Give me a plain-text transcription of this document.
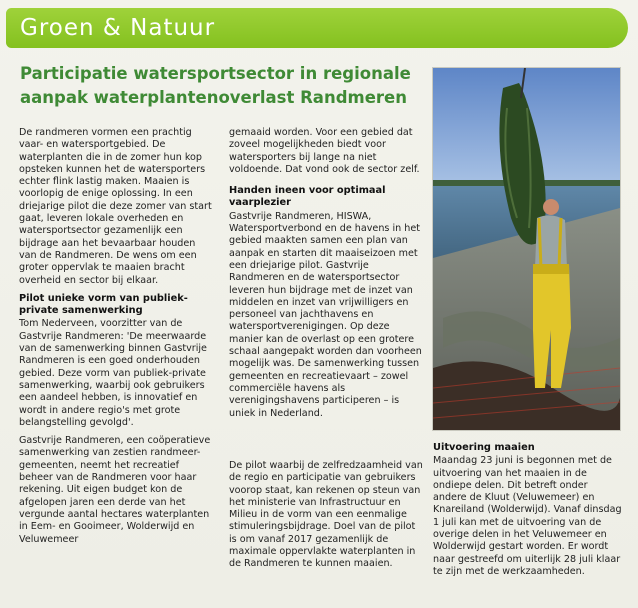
Groen & Natuur
Participatie watersportsector in regionale
aanpak waterplantenoverlast Randmeren

De randmeren vormen een prachtig vaar- en watersportgebied. De waterplanten die in de zomer hun kop opsteken kunnen het de watersporters echter flink lastig maken. Maaien is voorlopig de enige oplossing. In een driejarige pilot die deze zomer van start gaat, leveren lokale overheden en watersportsector gezamenlijk een bijdrage aan het bevaarbaar houden van de Randmeren. De wens om een groter oppervlak te maaien bracht overheid en sector bij elkaar.

Pilot unieke vorm van publiek-private samenwerking

Tom Nederveen, voorzitter van de Gastvrije Randmeren: 'De meerwaarde van de samenwerking binnen Gastvrije Randmeren is een goed onderhouden gebied. Deze vorm van publiek-private samenwerking, waarbij ook gebruikers een aandeel hebben, is innovatief en wordt in andere regio's met grote belangstelling gevolgd'.

Gastvrije Randmeren, een coöperatieve samenwerking van zestien randmeer-gemeenten, neemt het recreatief beheer van de Randmeren voor haar rekening. Uit eigen budget kon de afgelopen jaren een derde van het vergunde aantal hectares waterplanten in Eem- en Gooimeer, Wolderwijd en Veluwemeer

gemaaid worden. Voor een gebied dat zoveel mogelijkheden biedt voor watersporters bij lange na niet voldoende. Dat vond ook de sector zelf.

Handen ineen voor optimaal vaarplezier

Gastvrije Randmeren, HISWA, Watersportverbond en de havens in het gebied maakten samen een plan van aanpak en starten dit maaiseizoen met een driejarige pilot. Gastvrije Randmeren en de watersportsector leveren hun bijdrage met de inzet van middelen en inzet van vrijwilligers en personeel van jachthavens en watersportverenigingen. Op deze manier kan de overlast op een grotere schaal aangepakt worden dan voorheen mogelijk was. De samenwerking tussen gemeenten en recreatievaart – zowel commerciële havens als verenigingshavens participeren – is uniek in Nederland.

De pilot waarbij de zelfredzaamheid van de regio en participatie van gebruikers voorop staat, kan rekenen op steun van het ministerie van Infrastructuur en Milieu in de vorm van een eenmalige stimuleringsbijdrage. Doel van de pilot is om vanaf 2017 gezamenlijk de maximale oppervlakte waterplanten in de Randmeren te kunnen maaien.

Uitvoering maaien

Maandag 23 juni is begonnen met de uitvoering van het maaien in de ondiepe delen. Dit betreft onder andere de Kluut (Veluwemeer) en Knareiland (Wolderwijd). Vanaf dinsdag 1 juli kan met de uitvoering van de overige delen in het Veluwemeer en Wolderwijd gestart worden. Er wordt naar gestreefd om uiterlijk 28 juli klaar te zijn met de werkzaamheden.
